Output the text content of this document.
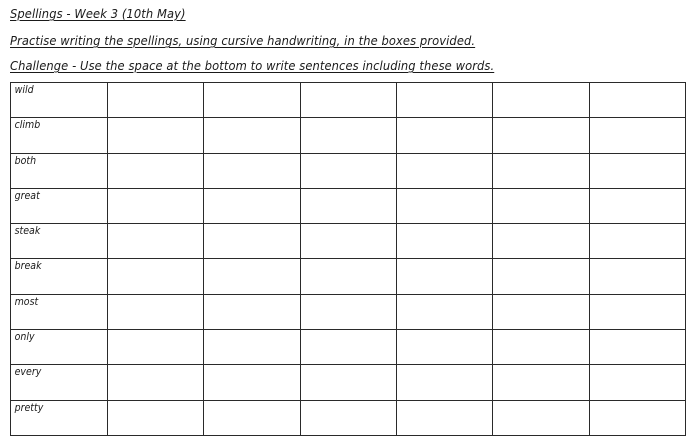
Spellings - Week 3 (10th May)
Practise writing the spellings, using cursive handwriting, in the boxes provided.
Challenge - Use the space at the bottom to write sentences including these words.
wild						

climb						

both						

great						

steak						

break						

most						

only						

every						

pretty						
